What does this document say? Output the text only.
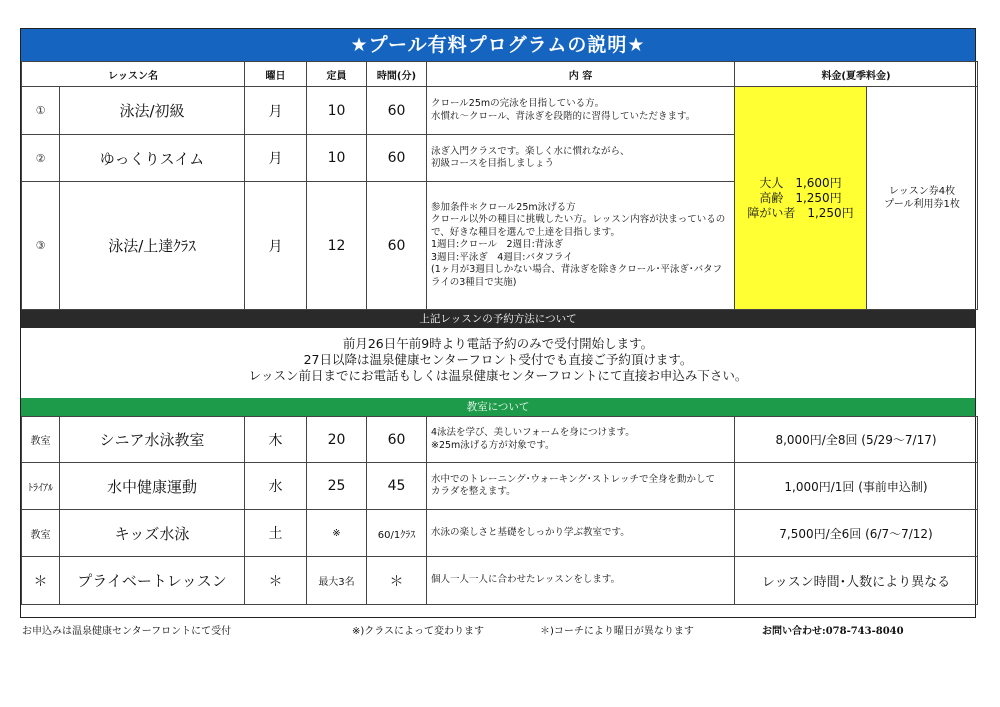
★プール有料プログラムの説明★
レッスン名		曜日	定員	時間(分)	内 容	料金(夏季料金)	
①	泳法/初級	月	10	60	クロール25mの完泳を目指している方。
水慣れ～クロール、背泳ぎを段階的に習得していただきます。	大人　1,600円
高齢　1,250円
障がい者　1,250円	レッスン券4枚
プール利用券1枚
②	ゆっくりスイム	月	10	60	泳ぎ入門クラスです。楽しく水に慣れながら、
初級コースを目指しましょう		
③	泳法/上達ｸﾗｽ	月	12	60	参加条件＊クロール25m泳げる方
クロール以外の種目に挑戦したい方。レッスン内容が決まっているので、好きな種目を選んで上達を目指します。
1週目:クロール　2週目:背泳ぎ
3週目:平泳ぎ　4週目:バタフライ
(1ヶ月が3週目しかない場合、背泳ぎを除きクロール･平泳ぎ･バタフライの3種目で実施)		
上記レッスンの予約方法について
前月26日午前9時より電話予約のみで受付開始します。
27日以降は温泉健康センターフロント受付でも直接ご予約頂けます。
レッスン前日までにお電話もしくは温泉健康センターフロントにて直接お申込み下さい。
教室について
教室	シニア水泳教室	木	20	60	4泳法を学び、美しいフォームを身につけます。
※25m泳げる方が対象です。	8,000円/全8回 (5/29～7/17)
ﾄﾗｲｱﾙ	水中健康運動	水	25	45	水中でのトレーニング･ウォーキング･ストレッチで全身を動かして
カラダを整えます。	1,000円/1回 (事前申込制)
教室	キッズ水泳	土	※	60/1ｸﾗｽ	水泳の楽しさと基礎をしっかり学ぶ教室です。	7,500円/全6回 (6/7～7/12)
＊	プライベートレッスン	＊	最大3名	＊	個人一人一人に合わせたレッスンをします。	レッスン時間･人数により異なる
お申込みは温泉健康センターフロントにて受付	※)クラスによって変わります	＊)コーチにより曜日が異なります	お問い合わせ:078-743-8040
